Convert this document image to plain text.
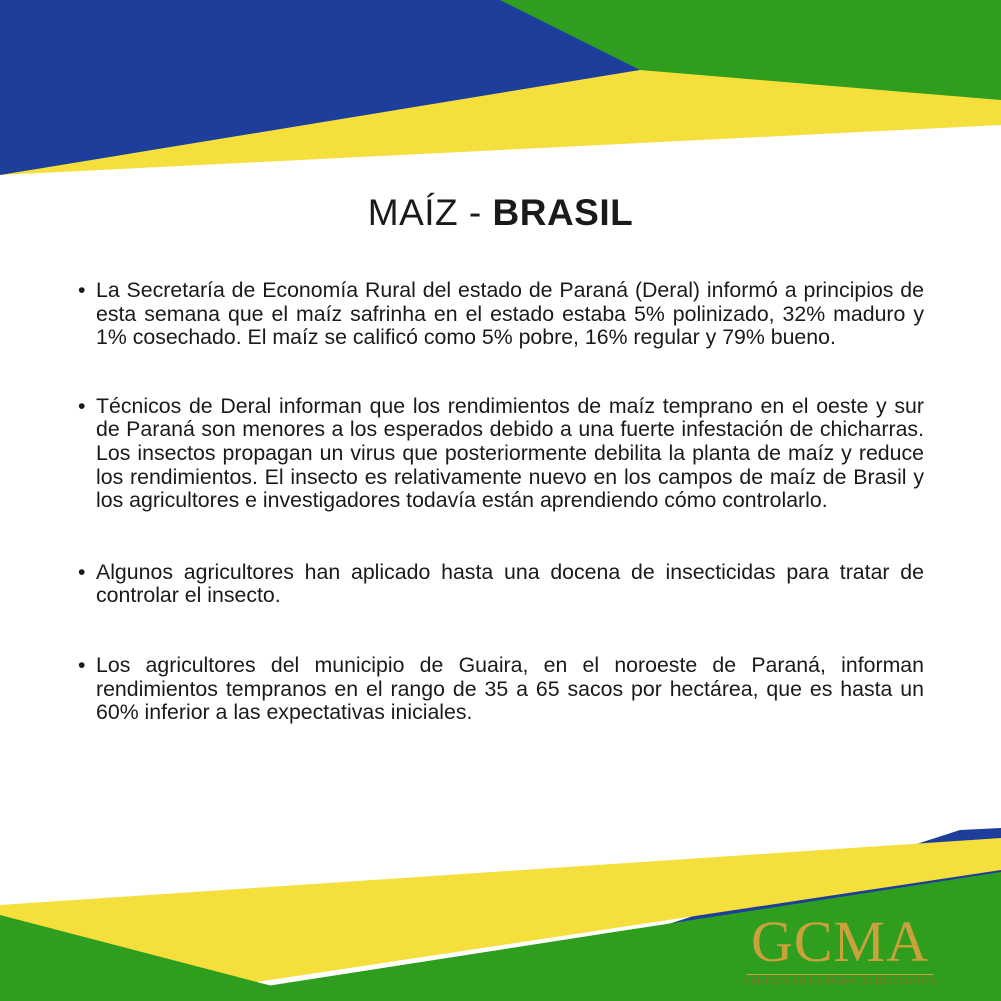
MAÍZ - BRASIL
• La Secretaría de Economía Rural del estado de Paraná (Deral) informó a principios de esta semana que el maíz safrinha en el estado estaba 5% polinizado, 32% maduro y 1% cosechado. El maíz se calificó como 5% pobre, 16% regular y 79% bueno.
• Técnicos de Deral informan que los rendimientos de maíz temprano en el oeste y sur de Paraná son menores a los esperados debido a una fuerte infestación de chicharras. Los insectos propagan un virus que posteriormente debilita la planta de maíz y reduce los rendimientos. El insecto es relativamente nuevo en los campos de maíz de Brasil y los agricultores e investigadores todavía están aprendiendo cómo controlarlo.
• Algunos agricultores han aplicado hasta una docena de insecticidas para tratar de controlar el insecto.
• Los agricultores del municipio de Guaira, en el noroeste de Paraná, informan rendimientos tempranos en el rango de 35 a 65 sacos por hectárea, que es hasta un 60% inferior a las expectativas iniciales.
GCMA
CERTEZA EN LA TOMA DE DECISIONES
